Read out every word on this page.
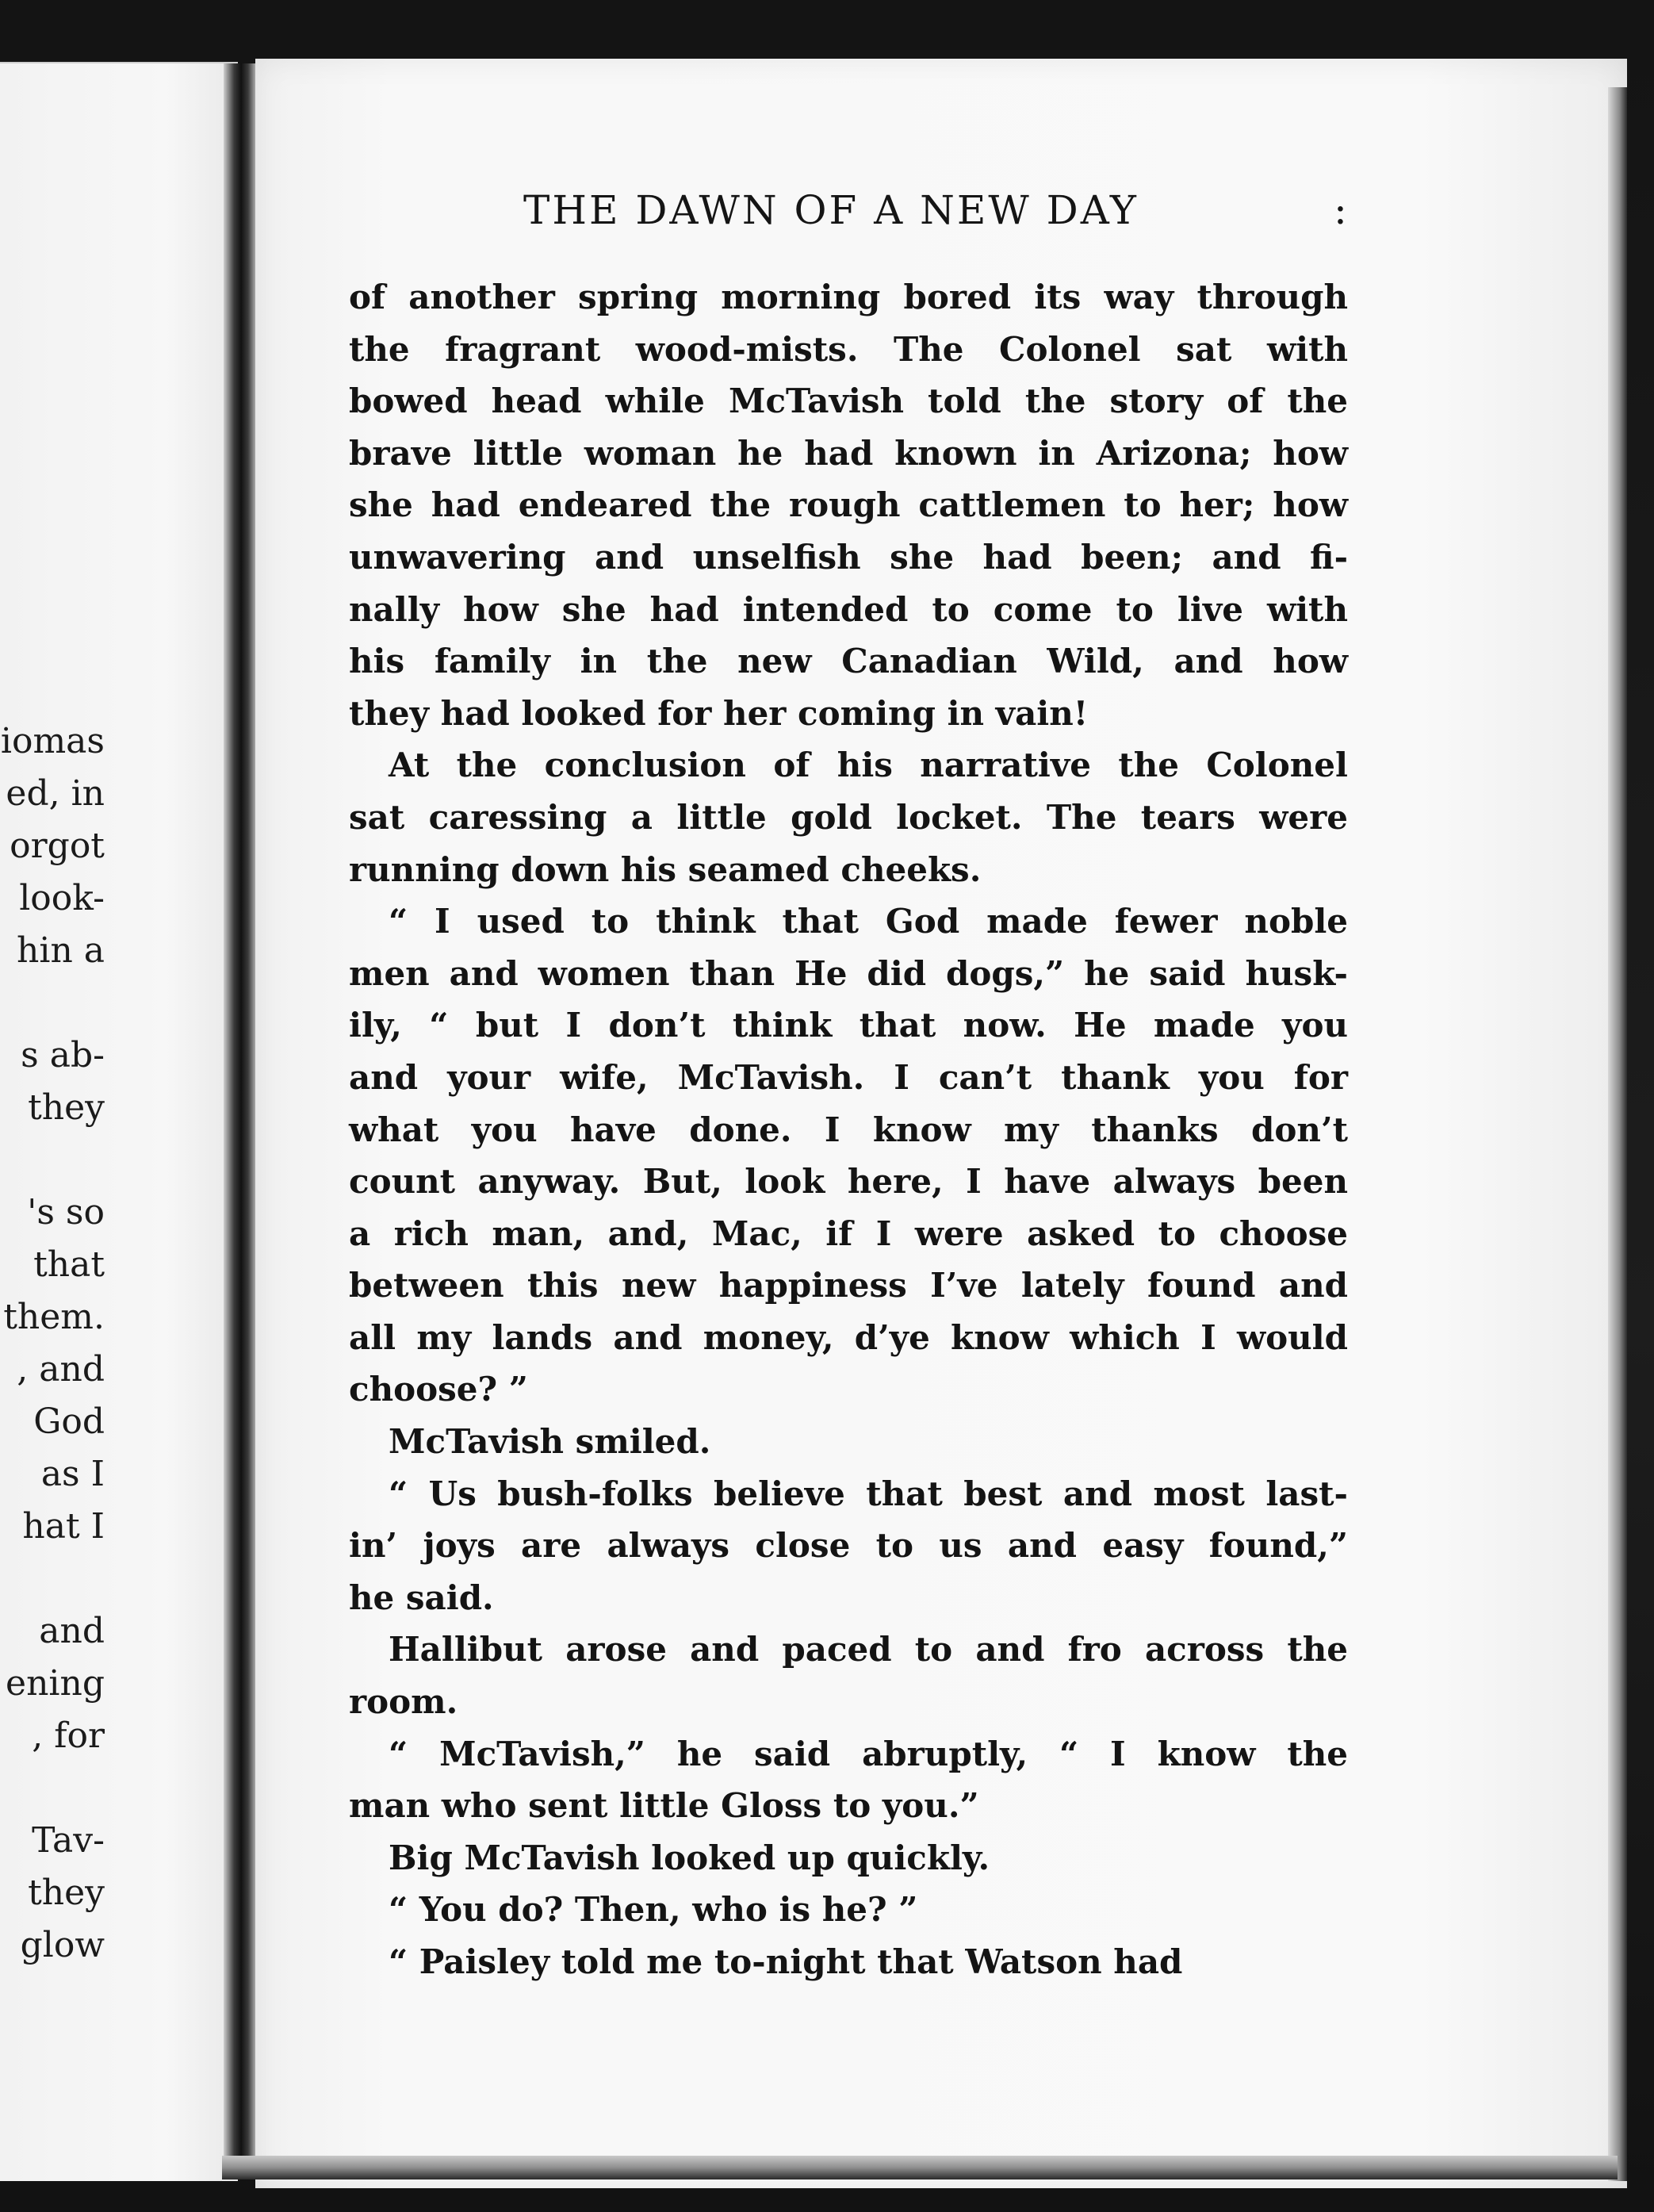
iomas
ed, in
orgot
look-
hin a
s ab-
they
's so
that
them.
, and
God
as I
hat I
and
ening
, for
Tav-
they
glow
THE DAWN OF A NEW DAY	:
of another spring morning bored its way through
the fragrant wood-mists. The Colonel sat with
bowed head while McTavish told the story of the
brave little woman he had known in Arizona; how
she had endeared the rough cattlemen to her; how
unwavering and unselfish she had been; and fi-
nally how she had intended to come to live with
his family in the new Canadian Wild, and how
they had looked for her coming in vain!
At the conclusion of his narrative the Colonel
sat caressing a little gold locket. The tears were
running down his seamed cheeks.
“ I used to think that God made fewer noble
men and women than He did dogs,” he said husk-
ily, “ but I don’t think that now. He made you
and your wife, McTavish. I can’t thank you for
what you have done. I know my thanks don’t
count anyway. But, look here, I have always been
a rich man, and, Mac, if I were asked to choose
between this new happiness I’ve lately found and
all my lands and money, d’ye know which I would
choose? ”
McTavish smiled.
“ Us bush-folks believe that best and most last-
in’ joys are always close to us and easy found,”
he said.
Hallibut arose and paced to and fro across the
room.
“ McTavish,” he said abruptly, “ I know the
man who sent little Gloss to you.”
Big McTavish looked up quickly.
“ You do? Then, who is he? ”
“ Paisley told me to-night that Watson had
